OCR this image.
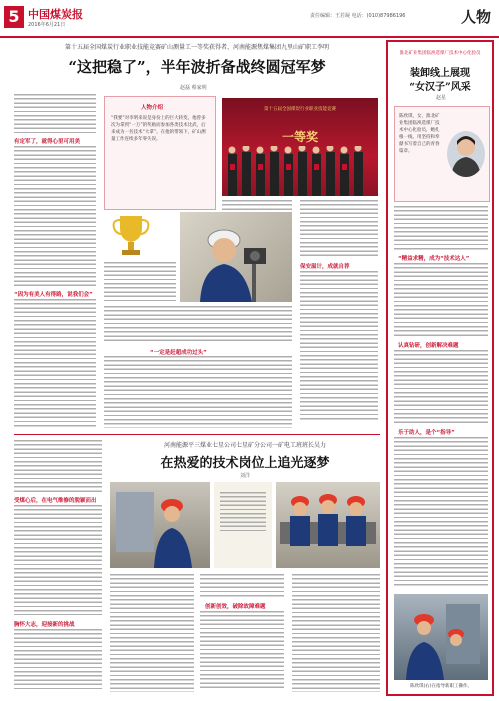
5 中国煤炭报
2016年6月21日
责任编辑：王若凝 电话：(010)87986196	人物
第十五届全国煤炭行业职业技能竞赛矿山测量工一等奖获得者、河南能源焦煤集团九里山矿职工李明
“这把稳了”，半年波折备战终圆冠军梦
赵磊 蔡家明
有定军了，就得心里可用美
“因为有美人有得路，说我们会”
人物介绍
“我要”对李明来说是身份上的巨大转变。他曾多次为拿到“一万”的奖励而参加各类技术比武，后来成为一名技术“大拿”。在他的带领下，矿山测量工作连续多年零失误。
第十五届全国煤炭行业职业技能竞赛
一等奖
保安温计，成就自荐
“一定是赶超成功过头”
河南能源平三煤业七星公司七星矿分公司一矿电工班班长吴力
在热爱的技术岗位上追光逐梦
刘洋
受煤心后，在电气维修的脱颖而出
胸怀大志，迎接新的挑战
创新创效，破除故障难题
淮北矿业集团临涣选煤厂技术中心化验员
装卸线上展现
“女汉子”风采
赵星
陈欣琪，女，淮北矿业集团临涣选煤厂技术中心化验员，她扎根一线，用坚持和奉献书写着自己的青春篇章。
“精益求精，成为“技术达人”
认真钻研，创新解决难题
乐于助人，是个“指导”
陈欣琪(右)在指导新职工操作。
